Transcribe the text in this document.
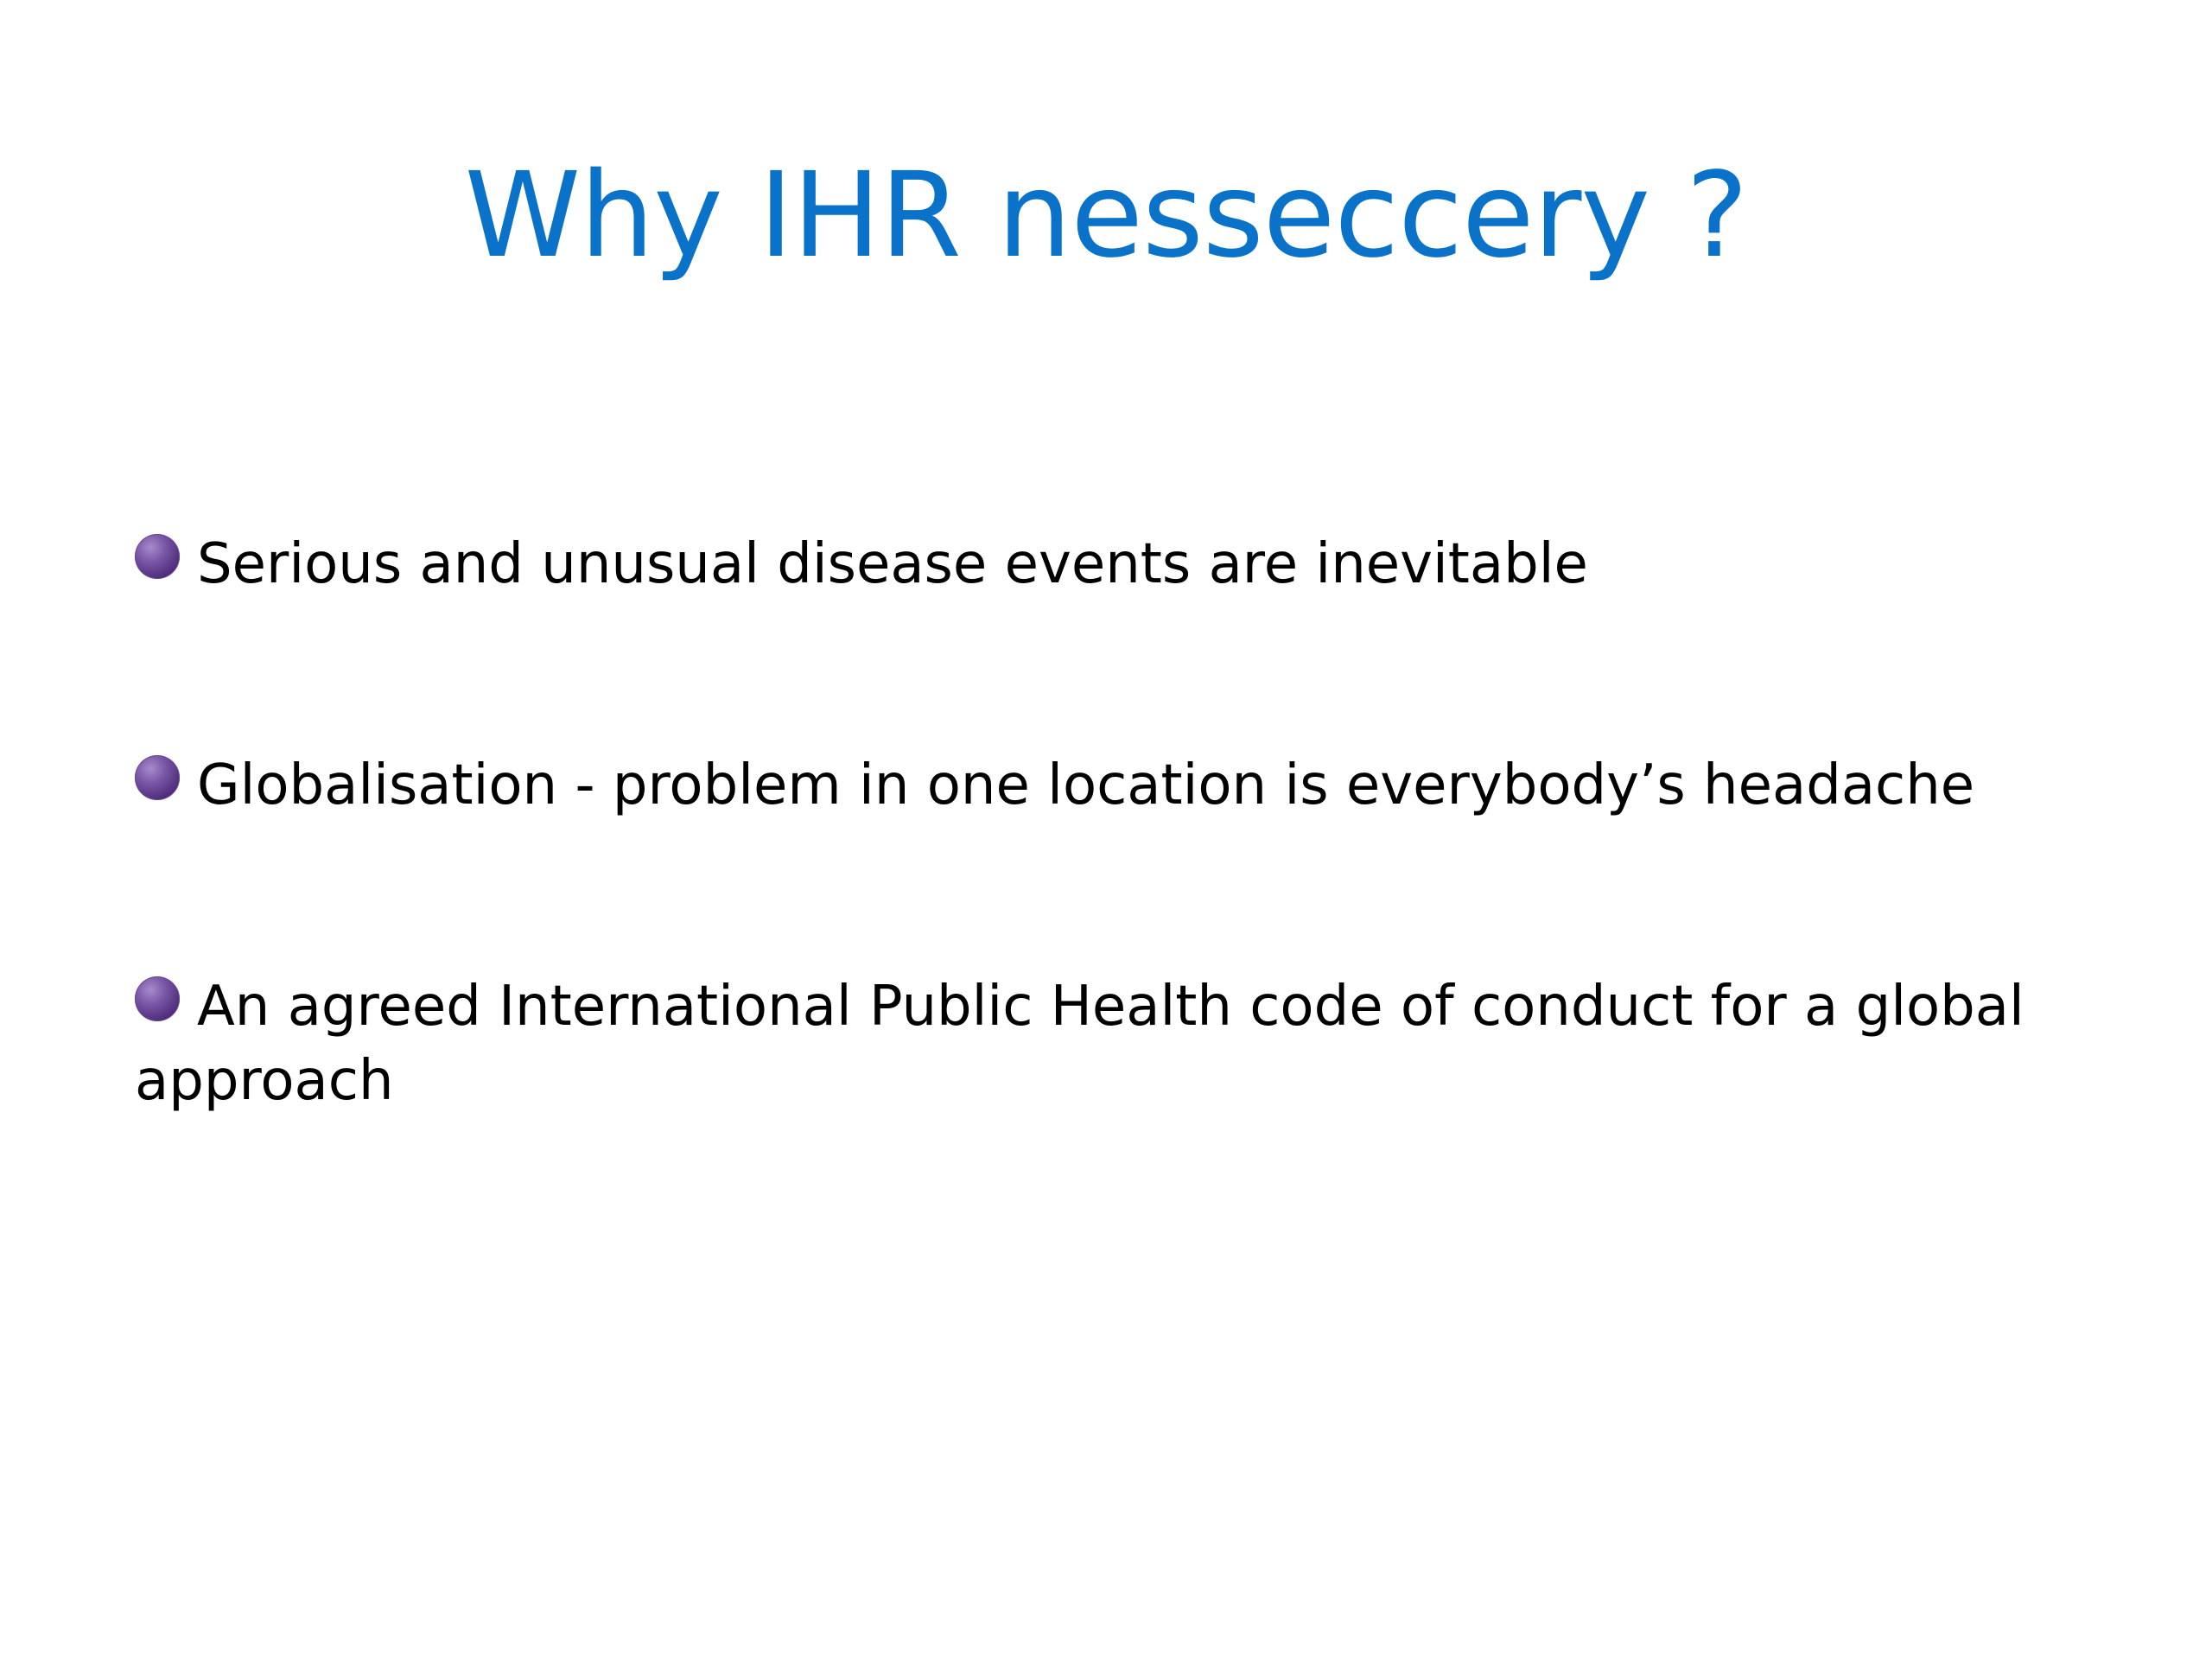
Why IHR nesseccery ?
Serious and unusual disease events are inevitable
Globalisation - problem in one location is everybody’s headache
An agreed International Public Health code of conduct for a global approach
